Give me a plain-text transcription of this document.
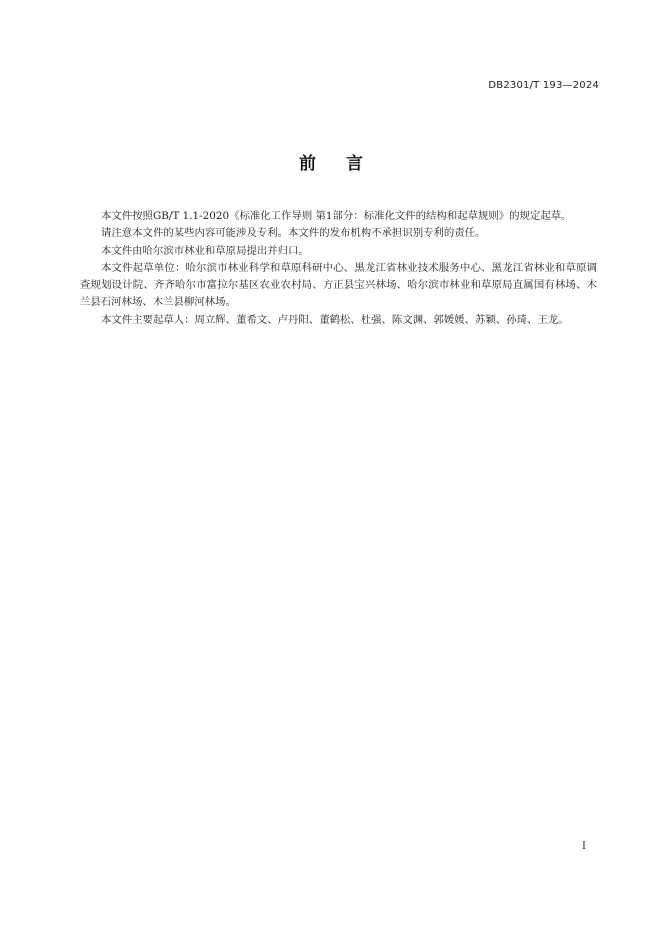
DB2301/T 193—2024
前言

本文件按照GB/T 1.1-2020《标准化工作导则 第1部分：标准化文件的结构和起草规则》的规定起草。

请注意本文件的某些内容可能涉及专利。本文件的发布机构不承担识别专利的责任。

本文件由哈尔滨市林业和草原局提出并归口。

本文件起草单位：哈尔滨市林业科学和草原科研中心、黑龙江省林业技术服务中心、黑龙江省林业和草原调查规划设计院、齐齐哈尔市富拉尔基区农业农村局、方正县宝兴林场、哈尔滨市林业和草原局直属国有林场、木兰县石河林场、木兰县柳河林场。

本文件主要起草人：周立辉、董希文、卢丹阳、董鹤松、杜强、陈文渊、郭媛媛、苏颖、孙琦、王龙。

I
